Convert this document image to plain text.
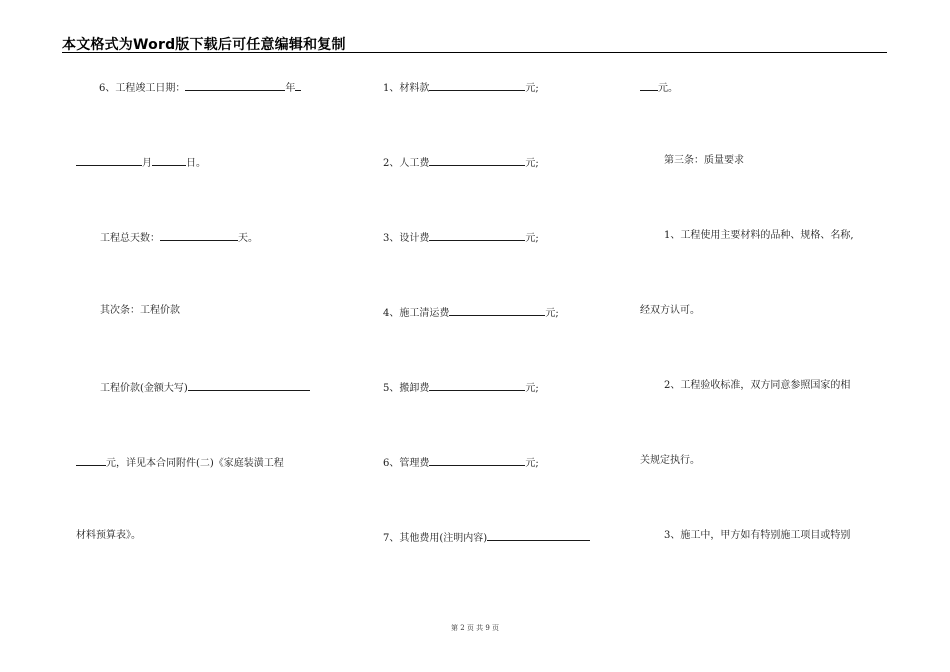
本文格式为Word版下载后可任意编辑和复制
6、工程竣工日期：	年
月	日。
工程总天数：	天。
其次条：工程价款
工程价款(金额大写)
元，详见本合同附件(二)《家庭装潢工程
材料预算表》。
1、材料款	元;
2、人工费	元;
3、设计费	元;
4、施工清运费	元;
5、搬卸费	元;
6、管理费	元;
7、其他费用(注明内容)
元。
第三条：质量要求
1、工程使用主要材料的品种、规格、名称,
经双方认可。
2、工程验收标准，双方同意参照国家的相
关规定执行。
3、施工中，甲方如有特别施工项目或特别
第 2 页 共 9 页
